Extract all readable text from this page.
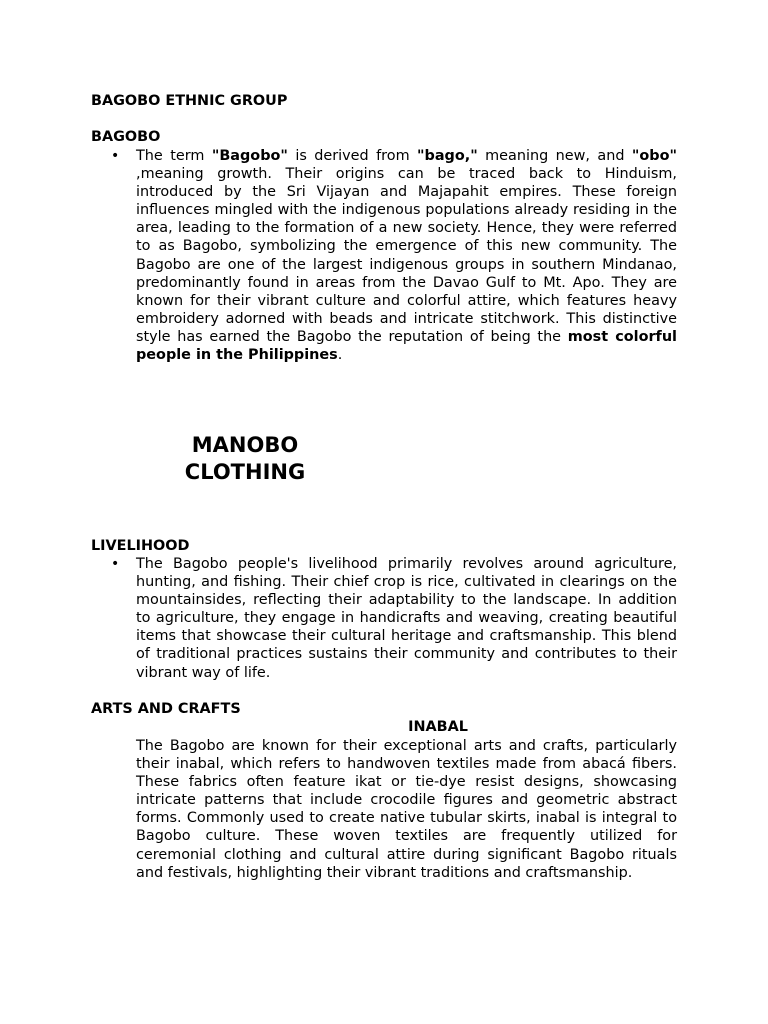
BAGOBO ETHNIC GROUP
BAGOBO
• The term "Bagobo" is derived from "bago," meaning new, and "obo" ,meaning growth. Their origins can be traced back to Hinduism, introduced by the Sri Vijayan and Majapahit empires. These foreign influences mingled with the indigenous populations already residing in the area, leading to the formation of a new society. Hence, they were referred to as Bagobo, symbolizing the emergence of this new community. The Bagobo are one of the largest indigenous groups in southern Mindanao, predominantly found in areas from the Davao Gulf to Mt. Apo. They are known for their vibrant culture and colorful attire, which features heavy embroidery adorned with beads and intricate stitchwork. This distinctive style has earned the Bagobo the reputation of being the most colorful people in the Philippines.

MANOBO
CLOTHING
LIVELIHOOD
• The Bagobo people's livelihood primarily revolves around agriculture, hunting, and fishing. Their chief crop is rice, cultivated in clearings on the mountainsides, reflecting their adaptability to the landscape. In addition to agriculture, they engage in handicrafts and weaving, creating beautiful items that showcase their cultural heritage and craftsmanship. This blend of traditional practices sustains their community and contributes to their vibrant way of life.

ARTS AND CRAFTS
INABAL

The Bagobo are known for their exceptional arts and crafts, particularly their inabal, which refers to handwoven textiles made from abacá fibers. These fabrics often feature ikat or tie-dye resist designs, showcasing intricate patterns that include crocodile figures and geometric abstract forms. Commonly used to create native tubular skirts, inabal is integral to Bagobo culture. These woven textiles are frequently utilized for ceremonial clothing and cultural attire during significant Bagobo rituals and festivals, highlighting their vibrant traditions and craftsmanship.
